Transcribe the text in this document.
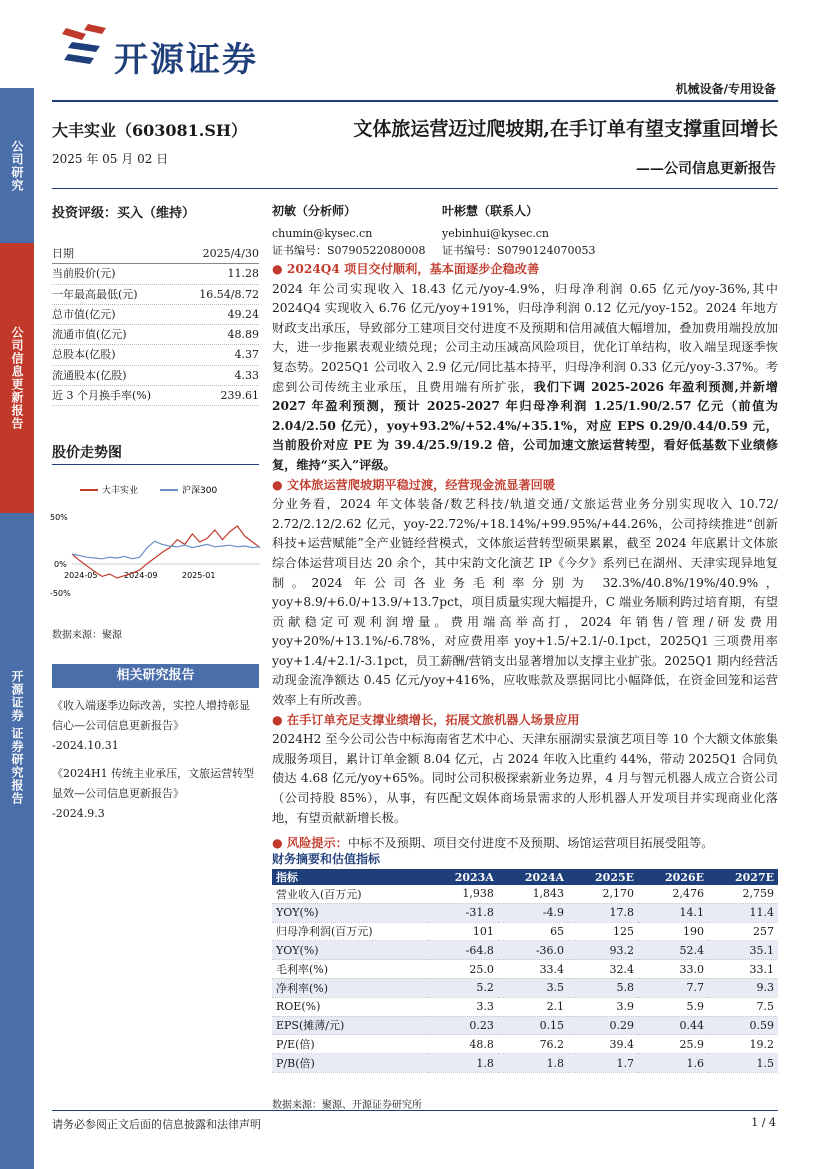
公司研究
公司信息更新报告
开源证券 证券研究报告
开源证券
机械设备/专用设备
大丰实业（603081.SH）
2025 年 05 月 02 日
文体旅运营迈过爬坡期,在手订单有望支撑重回增长
——公司信息更新报告
投资评级：买入（维持）	初敏（分析师）
chumin@kysec.cn
证书编号：S0790522080008
叶彬慧（联系人）
yebinhui@kysec.cn
证书编号：S0790124070053
日期	2025/4/30
当前股价(元)	11.28
一年最高最低(元)	16.54/8.72
总市值(亿元)	49.24
流通市值(亿元)	48.89
总股本(亿股)	4.37
流通股本(亿股)	4.33
近 3 个月换手率(%)	239.61
股价走势图
大丰实业	沪深300
50%
0%
-50%
2024-05	2024-09	2025-01
数据来源：聚源
相关研究报告
《收入端逐季边际改善，实控人增持彰显信心—公司信息更新报告》
-2024.10.31
《2024H1 传统主业承压，文旅运营转型显效—公司信息更新报告》
-2024.9.3

● 2024Q4 项目交付顺利，基本面逐步企稳改善

2024 年公司实现收入 18.43 亿元/yoy-4.9%，归母净利润 0.65 亿元/yoy-36%,其中 2024Q4 实现收入 6.76 亿元/yoy+191%，归母净利润 0.12 亿元/yoy-152。2024 年地方财政支出承压，导致部分工建项目交付进度不及预期和信用减值大幅增加，叠加费用端投放加大，进一步拖累表观业绩兑现；公司主动压减高风险项目，优化订单结构，收入端呈现逐季恢复态势。2025Q1 公司收入 2.9 亿元/同比基本持平，归母净利润 0.33 亿元/yoy-3.37%。考虑到公司传统主业承压，且费用端有所扩张，我们下调 2025-2026 年盈利预测,并新增 2027 年盈利预测，预计 2025-2027 年归母净利润 1.25/1.90/2.57 亿元（前值为 2.04/2.50 亿元），yoy+93.2%/+52.4%/+35.1%，对应 EPS 0.29/0.44/0.59 元，当前股价对应 PE 为 39.4/25.9/19.2 倍，公司加速文旅运营转型，看好低基数下业绩修复，维持“买入”评级。

● 文体旅运营爬坡期平稳过渡，经营现金流显著回暖

分业务看，2024 年文体装备/数艺科技/轨道交通/文旅运营业务分别实现收入 10.72/ 2.72/2.12/2.62 亿元，yoy-22.72%/+18.14%/+99.95%/+44.26%，公司持续推进“创新科技+运营赋能”全产业链经营模式，文体旅运营转型硕果累累，截至 2024 年底累计文体旅综合体运营项目达 20 余个，其中宋韵文化演艺 IP《今夕》系列已在湖州、天津实现异地复制。2024 年公司各业务毛利率分别为 32.3%/40.8%/19%/40.9%，yoy+8.9/+6.0/+13.9/+13.7pct，项目质量实现大幅提升，C 端业务顺利跨过培育期，有望贡献稳定可观利润增量。费用端高举高打，2024 年销售/管理/研发费用 yoy+20%/+13.1%/-6.78%，对应费用率 yoy+1.5/+2.1/-0.1pct，2025Q1 三项费用率 yoy+1.4/+2.1/-3.1pct，员工薪酬/营销支出显著增加以支撑主业扩张。2025Q1 期内经营活动现金流净额达 0.45 亿元/yoy+416%，应收账款及票据同比小幅降低，在资金回笼和运营效率上有所改善。

● 在手订单充足支撑业绩增长，拓展文旅机器人场景应用

2024H2 至今公司公告中标海南省艺术中心、天津东丽湖实景演艺项目等 10 个大额文体旅集成服务项目，累计订单金额 8.04 亿元，占 2024 年收入比重约 44%，带动 2025Q1 合同负债达 4.68 亿元/yoy+65%。同时公司积极探索新业务边界，4 月与智元机器人成立合资公司（公司持股 85%），从事，有匹配文娱体商场景需求的人形机器人开发项目并实现商业化落地，有望贡献新增长极。

● 风险提示：中标不及预期、项目交付进度不及预期、场馆运营项目拓展受阻等。

财务摘要和估值指标
指标	2023A	2024A	2025E	2026E	2027E
营业收入(百万元)	1,938	1,843	2,170	2,476	2,759
YOY(%)	-31.8	-4.9	17.8	14.1	11.4
归母净利润(百万元)	101	65	125	190	257
YOY(%)	-64.8	-36.0	93.2	52.4	35.1
毛利率(%)	25.0	33.4	32.4	33.0	33.1
净利率(%)	5.2	3.5	5.8	7.7	9.3
ROE(%)	3.3	2.1	3.9	5.9	7.5
EPS(摊薄/元)	0.23	0.15	0.29	0.44	0.59
P/E(倍)	48.8	76.2	39.4	25.9	19.2
P/B(倍)	1.8	1.8	1.7	1.6	1.5
数据来源：聚源、开源证券研究所
请务必参阅正文后面的信息披露和法律声明	1 / 4
